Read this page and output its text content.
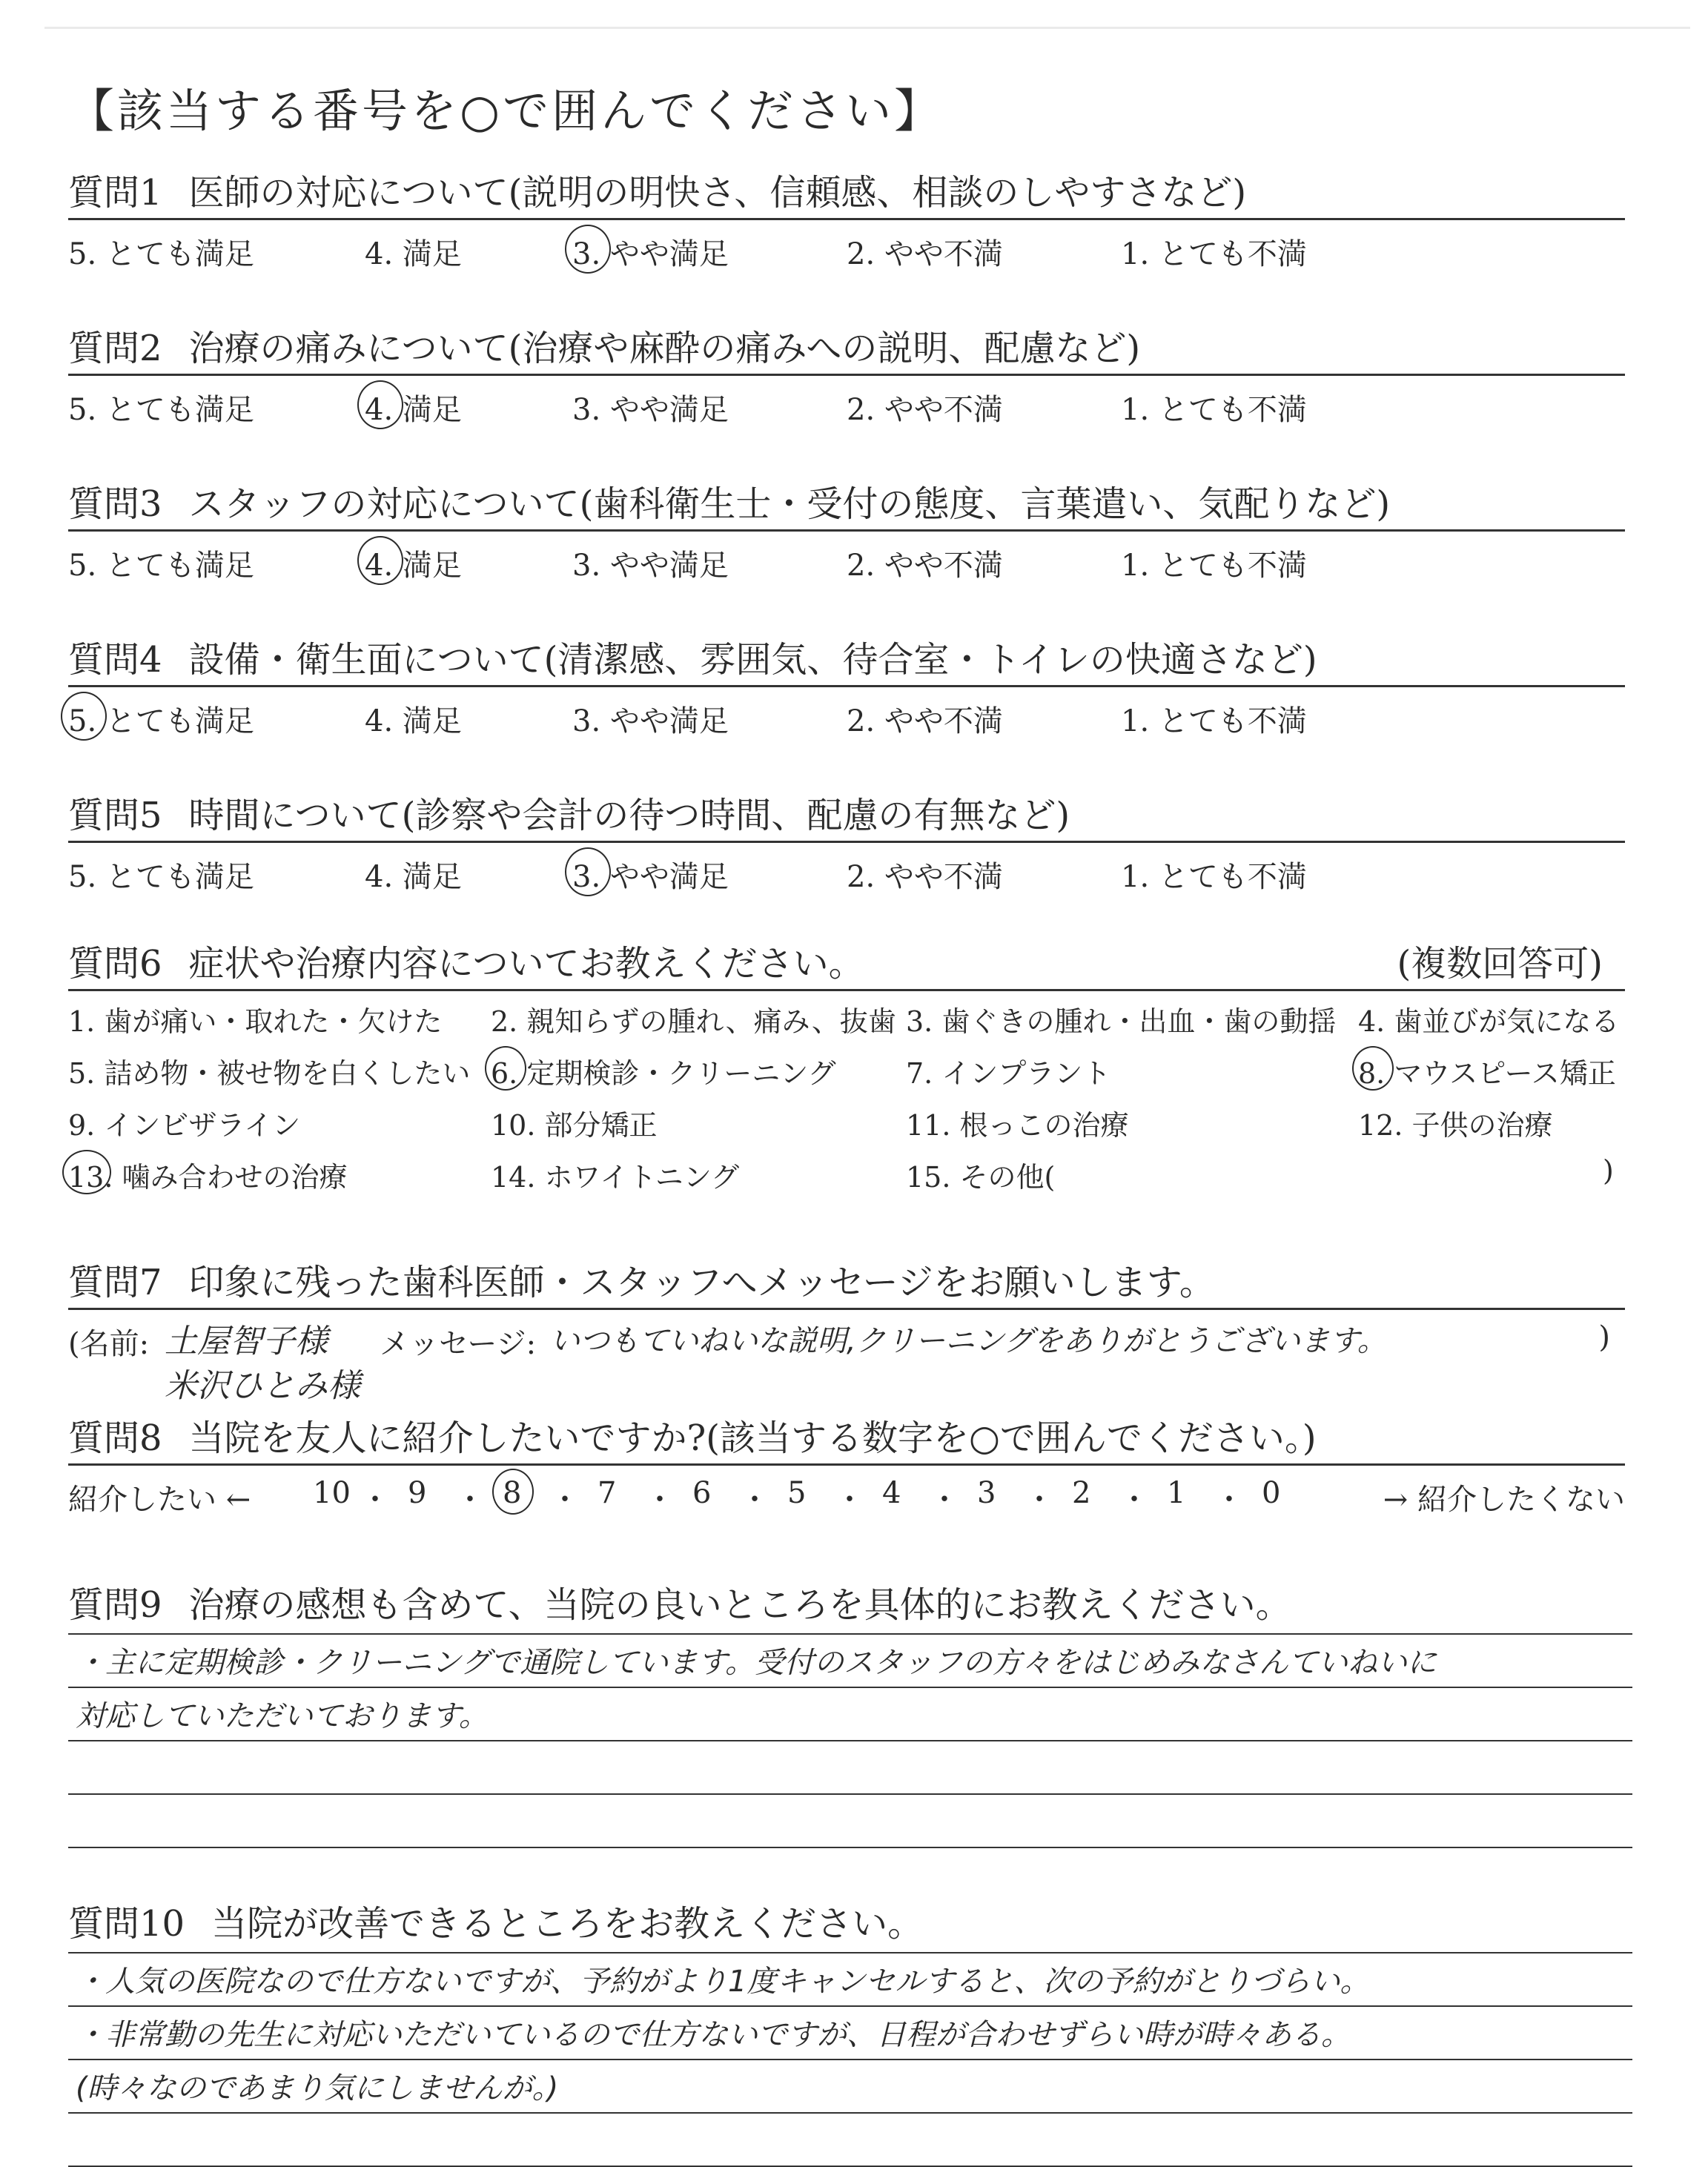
【該当する番号を○で囲んでください】
質問1 医師の対応について(説明の明快さ、信頼感、相談のしやすさなど)
5. とても満足	4. 満足	3. やや満足	2. やや不満	1. とても不満
質問2 治療の痛みについて(治療や麻酔の痛みへの説明、配慮など)
5. とても満足	4. 満足	3. やや満足	2. やや不満	1. とても不満
質問3 スタッフの対応について(歯科衛生士・受付の態度、言葉遣い、気配りなど)
5. とても満足	4. 満足	3. やや満足	2. やや不満	1. とても不満
質問4 設備・衛生面について(清潔感、雰囲気、待合室・トイレの快適さなど)
5. とても満足	4. 満足	3. やや満足	2. やや不満	1. とても不満
質問5 時間について(診察や会計の待つ時間、配慮の有無など)
5. とても満足	4. 満足	3. やや満足	2. やや不満	1. とても不満
質問6 症状や治療内容についてお教えください。	(複数回答可)
1. 歯が痛い・取れた・欠けた 2. 親知らずの腫れ、痛み、抜歯 3. 歯ぐきの腫れ・出血・歯の動揺 4. 歯並びが気になる
5. 詰め物・被せ物を白くしたい 6. 定期検診・クリーニング 7. インプラント	8. マウスピース矯正
9. インビザライン	10. 部分矯正	11. 根っこの治療	12. 子供の治療
13. 噛み合わせの治療	14. ホワイトニング	15. その他(	)
質問7 印象に残った歯科医師・スタッフへメッセージをお願いします。
(名前: 土屋智子様 メッセージ: いつもていねいな説明,クリーニングをありがとうございます。	)
米沢ひとみ様
質問8 当院を友人に紹介したいですか?(該当する数字を○で囲んでください。)
紹介したい ←	→ 紹介したくない
10 ・ 9 ・ 8 ・ 7 ・ 6 ・ 5 ・ 4 ・ 3 ・ 2 ・ 1 ・ 0
質問9 治療の感想も含めて、当院の良いところを具体的にお教えください。
・主に定期検診・クリーニングで通院しています。受付のスタッフの方々をはじめみなさんていねいに
対応していただいております。
質問10 当院が改善できるところをお教えください。
・人気の医院なので仕方ないですが、予約がより1度キャンセルすると、次の予約がとりづらい。
・非常勤の先生に対応いただいているので仕方ないですが、日程が合わせずらい時が時々ある。
(時々なのであまり気にしませんが。)
